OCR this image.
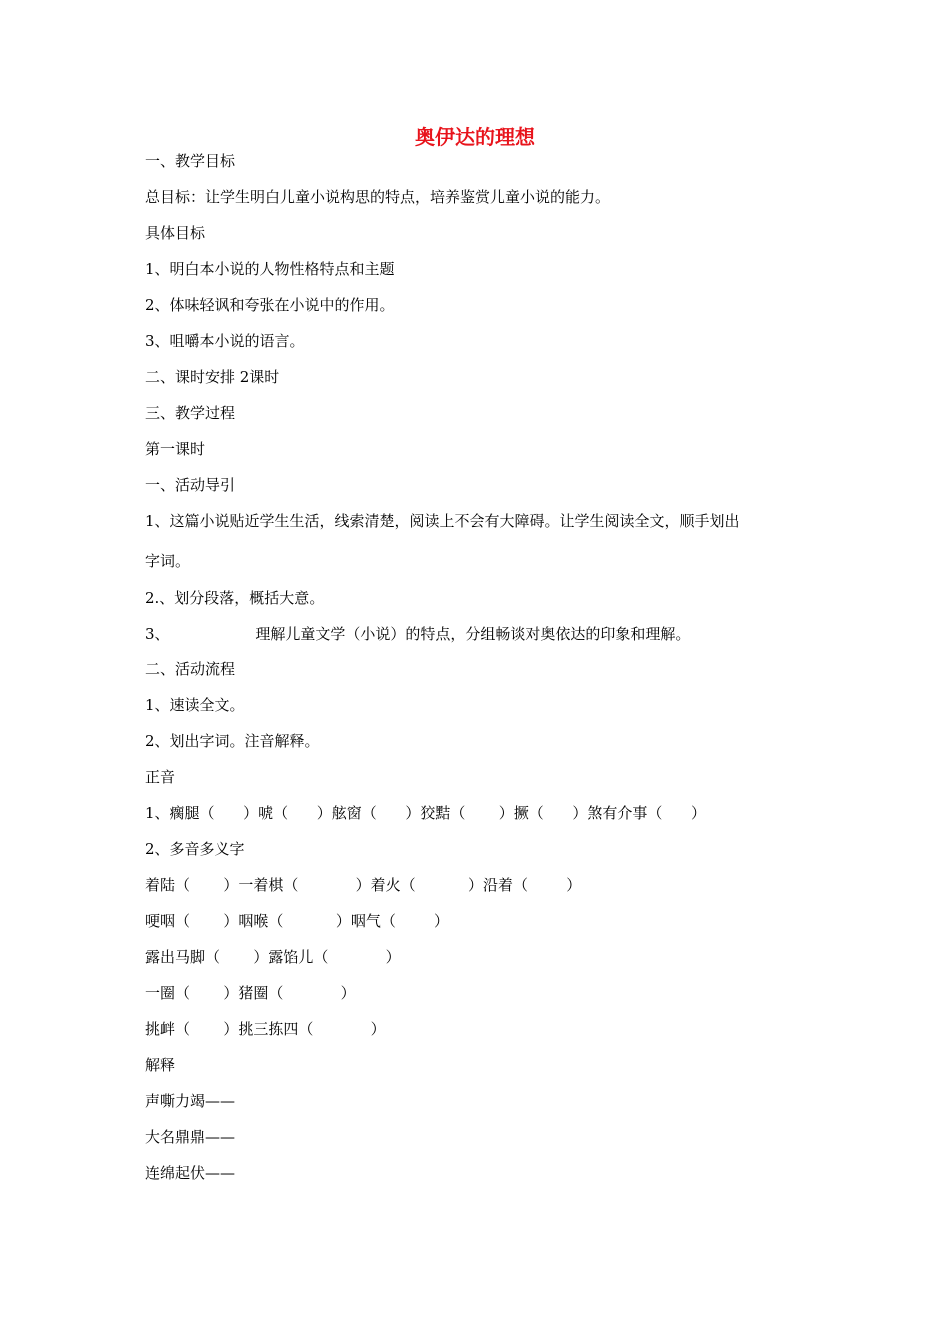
奥伊达的理想
一、教学目标
总目标：让学生明白儿童小说构思的特点，培养鉴赏儿童小说的能力。
具体目标
1、明白本小说的人物性格特点和主题
2、体味轻讽和夸张在小说中的作用。
3、咀嚼本小说的语言。
二、课时安排 2课时
三、教学过程
第一课时
一、活动导引
1、这篇小说贴近学生生活，线索清楚，阅读上不会有大障碍。让学生阅读全文，顺手划出
字词。
2.、划分段落，概括大意。
3、                  理解儿童文学（小说）的特点，分组畅谈对奥依达的印象和理解。
二、活动流程
1、速读全文。
2、划出字词。注音解释。
正音
1、瘸腿（      ）唬（      ）舷窗（      ）狡黠（       ）撅（      ）煞有介事（      ）
2、多音多义字
着陆（       ）一着棋（            ）着火（           ）沿着（        ）
哽咽（       ）咽喉（           ）咽气（        ）
露出马脚（       ）露馅儿（            ）
一圈（       ）猪圈（            ）
挑衅（       ）挑三拣四（            ）
解释
声嘶力竭——
大名鼎鼎——
连绵起伏——
